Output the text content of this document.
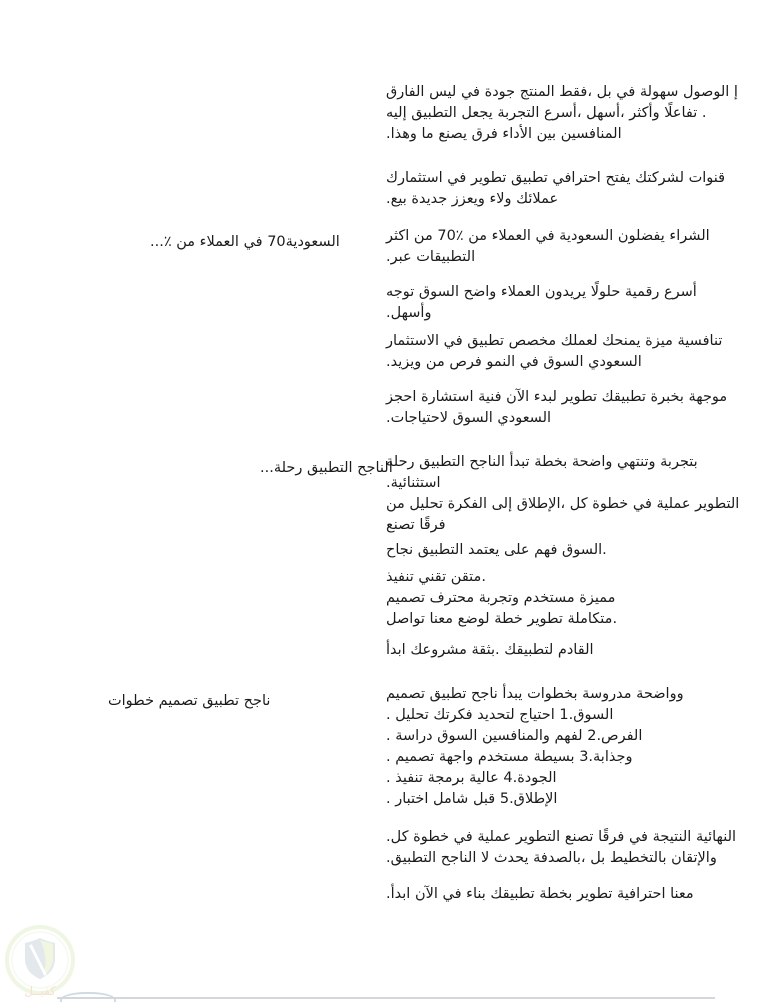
الفارق ليس في جودة المنتج فقط، بل في سهولة الوصول إ
إليه التطبيق يجعل التجربة أسرع، أسهل، وأكثر تفاعلًا .
.وهذا ما يصنع فرق الأداء بين المنافسين
استثمارك في تطوير تطبيق احترافي يفتح لشركتك قنوات
.بيع جديدة ويعزز ولاء عملائك
...٪ من العملاء في السعودية70	اكثر من 70٪ من العملاء في السعودية يفضلون الشراء
.عبر التطبيقات
توجه السوق واضح العملاء يريدون حلولًا رقمية أسرع
.وأسهل
الاستثمار في تطبيق مخصص لعملك يمنحك ميزة تنافسية
.ويزيد من فرص النمو في السوق السعودي
احجز استشارة فنية الآن لبدء تطوير تطبيقك بخبرة موجهة
.لاحتياجات السوق السعودي
...رحلة التطبيق الناجح
رحلة التطبيق الناجح تبدأ بخطة واضحة وتنتهي بتجربة
.استثنائية
من تحليل الفكرة إلى الإطلاق، كل خطوة في عملية التطوير
تصنع فرقًا
نجاح التطبيق يعتمد على فهم السوق.
تنفيذ تقني متقن.
تصميم محترف وتجربة مستخدم مميزة
تواصل معنا لوضع خطة تطوير متكاملة.
ابدأ مشروعك بثقة. لتطبيقك القادم
خطوات تصميم تطبيق ناجح	تصميم تطبيق ناجح يبدأ بخطوات مدروسة وواضحة
. تحليل فكرتك لتحديد احتياج السوق.1
. دراسة السوق والمنافسين لفهم الفرص.2
. تصميم واجهة مستخدم بسيطة وجذابة.3
. تنفيذ برمجة عالية الجودة.4
. اختبار شامل قبل الإطلاق.5
.كل خطوة في عملية التطوير تصنع فرقًا في النتيجة النهائية
.التطبيق الناجح لا يحدث بالصدفة، بل بالتخطيط والإتقان
.ابدأ الآن في بناء تطبيقك بخطة تطوير احترافية معنا
كفيــل
